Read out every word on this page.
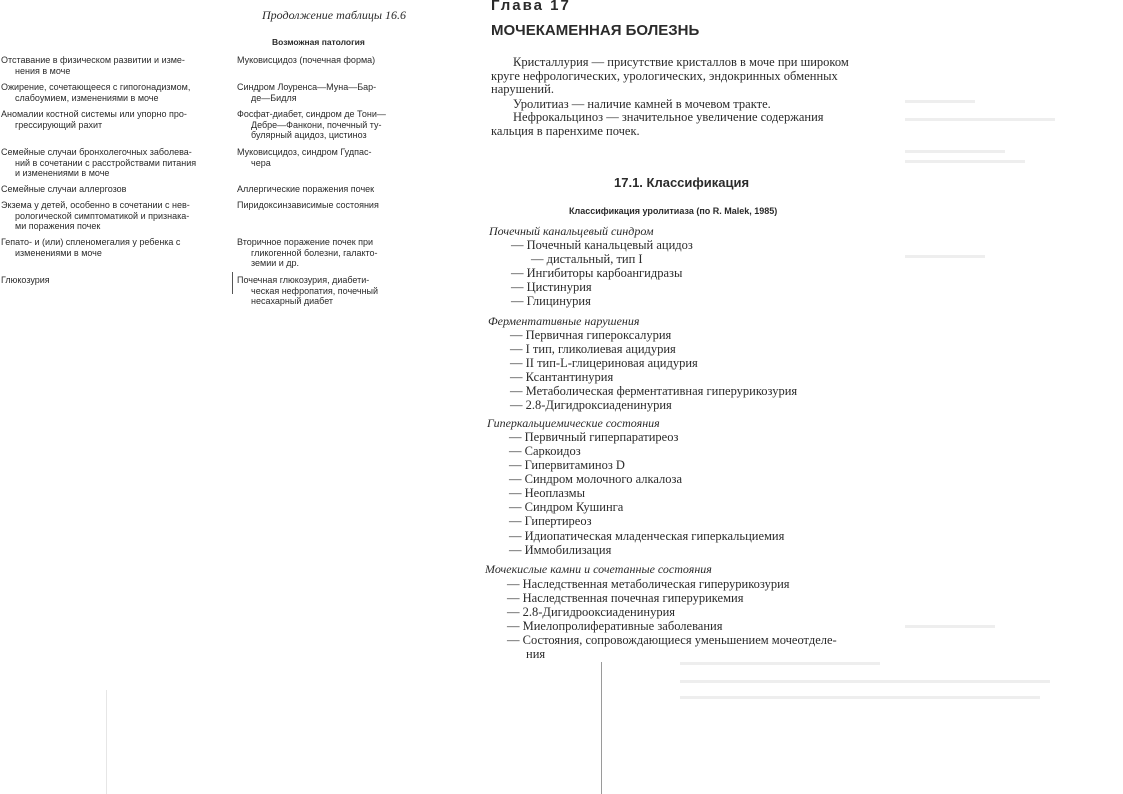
Продолжение таблицы 16.6
Возможная патология
Отставание в физическом развитии и изме-
нения в моче
Муковисцидоз (почечная форма)
Ожирение, сочетающееся с гипогонадизмом,
слабоумием, изменениями в моче
Синдром Лоуренса—Муна—Бар-
де—Бидля
Аномалии костной системы или упорно про-
грессирующий рахит
Фосфат-диабет, синдром де Тони—
Дебре—Фанкони, почечный ту-
булярный ацидоз, цистиноз
Семейные случаи бронхолегочных заболева-
ний в сочетании с расстройствами питания
и изменениями в моче
Муковисцидоз, синдром Гудпас-
чера
Семейные случаи аллергозов	Аллергические поражения почек
Экзема у детей, особенно в сочетании с нев-
рологической симптоматикой и признака-
ми поражения почек
Пиридоксинзависимые состояния
Гепато- и (или) спленомегалия у ребенка с
изменениями в моче
Вторичное поражение почек при
гликогенной болезни, галакто-
земии и др.
Глюкозурия	Почечная глюкозурия, диабети-
ческая нефропатия, почечный
несахарный диабет
Глава 17
МОЧЕКАМЕННАЯ БОЛЕЗНЬ
Кристаллурия — присутствие кристаллов в моче при широком
круге нефрологических, урологических, эндокринных обменных
нарушений.
Уролитиаз — наличие камней в мочевом тракте.
Нефрокальциноз — значительное увеличение содержания
кальция в паренхиме почек.
17.1. Классификация
Классификация уролитиаза (по R. Malek, 1985)
Почечный канальцевый синдром
— Почечный канальцевый ацидоз
— дистальный, тип I
— Ингибиторы карбоангидразы
— Цистинурия
— Глицинурия
Ферментативные нарушения
— Первичная гипероксалурия
— I тип, гликолиевая ацидурия
— II тип-L-глицериновая ацидурия
— Ксантантинурия
— Метаболическая ферментативная гиперурикозурия
— 2.8-Дигидроксиаденинурия
Гиперкальциемические состояния
— Первичный гиперпаратиреоз
— Саркоидоз
— Гипервитаминоз D
— Синдром молочного алкалоза
— Неоплазмы
— Синдром Кушинга
— Гипертиреоз
— Идиопатическая младенческая гиперкальциемия
— Иммобилизация
Мочекислые камни и сочетанные состояния
— Наследственная метаболическая гиперурикозурия
— Наследственная почечная гиперурикемия
— 2.8-Дигидрооксиаденинурия
— Миелопролиферативные заболевания
— Состояния, сопровождающиеся уменьшением мочеотделе-
ния
